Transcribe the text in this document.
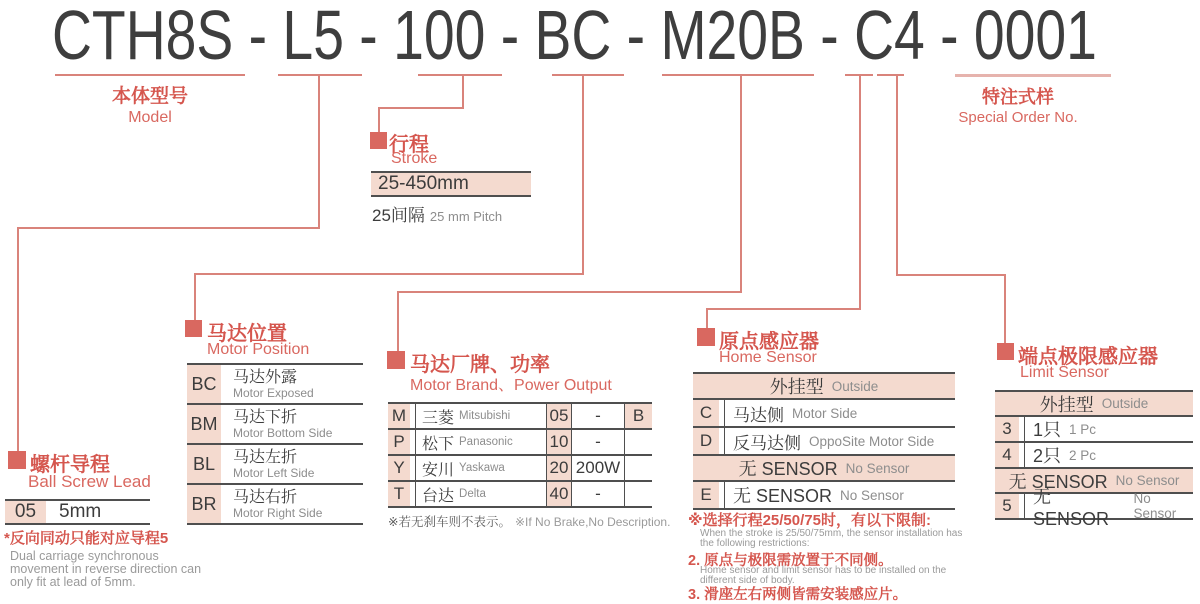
CTH8S - L5 - 100 - BC - M20B - C4 - 0001
本体型号
Model
特注式样
Special Order No.
行程
Stroke
25-450mm
25间隔 25 mm Pitch
螺杆导程
Ball Screw Lead
05	5mm
*反向同动只能对应导程5
Dual carriage synchronous
movement in reverse direction can
only fit at lead of 5mm.
马达位置
Motor Position
BC 马达外露
Motor Exposed
BM 马达下折
Motor Bottom Side
BL	马达左折
Motor Left Side
BR 马达右折
Motor Right Side
马达厂牌、功率
Motor Brand、Power Output
M 三菱 Mitsubishi 05	-	B
P	松下 Panasonic 10	-
Y	安川 Yaskawa	20 200W
T	台达 Delta	40	-
※若无刹车则不表示。 ※If No Brake,No Description.
原点感应器
Home Sensor
外挂型 Outside
C	马达侧 Motor Side
D	反马达侧 OppoSite Motor Side
无 SENSOR No Sensor
E	无 SENSOR No Sensor
※选择行程25/50/75时，有以下限制:
When the stroke is 25/50/75mm, the sensor installation has
the following restrictions:
2. 原点与极限需放置于不同侧。
Home sensor and limit sensor has to be installed on the
different side of body.
3. 滑座左右两侧皆需安装感应片。
端点极限感应器
Limit Sensor
外挂型 Outside
3	1只 1 Pc
4	2只 2 Pc
无 SENSOR No Sensor
5	无 SENSOR
No Sensor
